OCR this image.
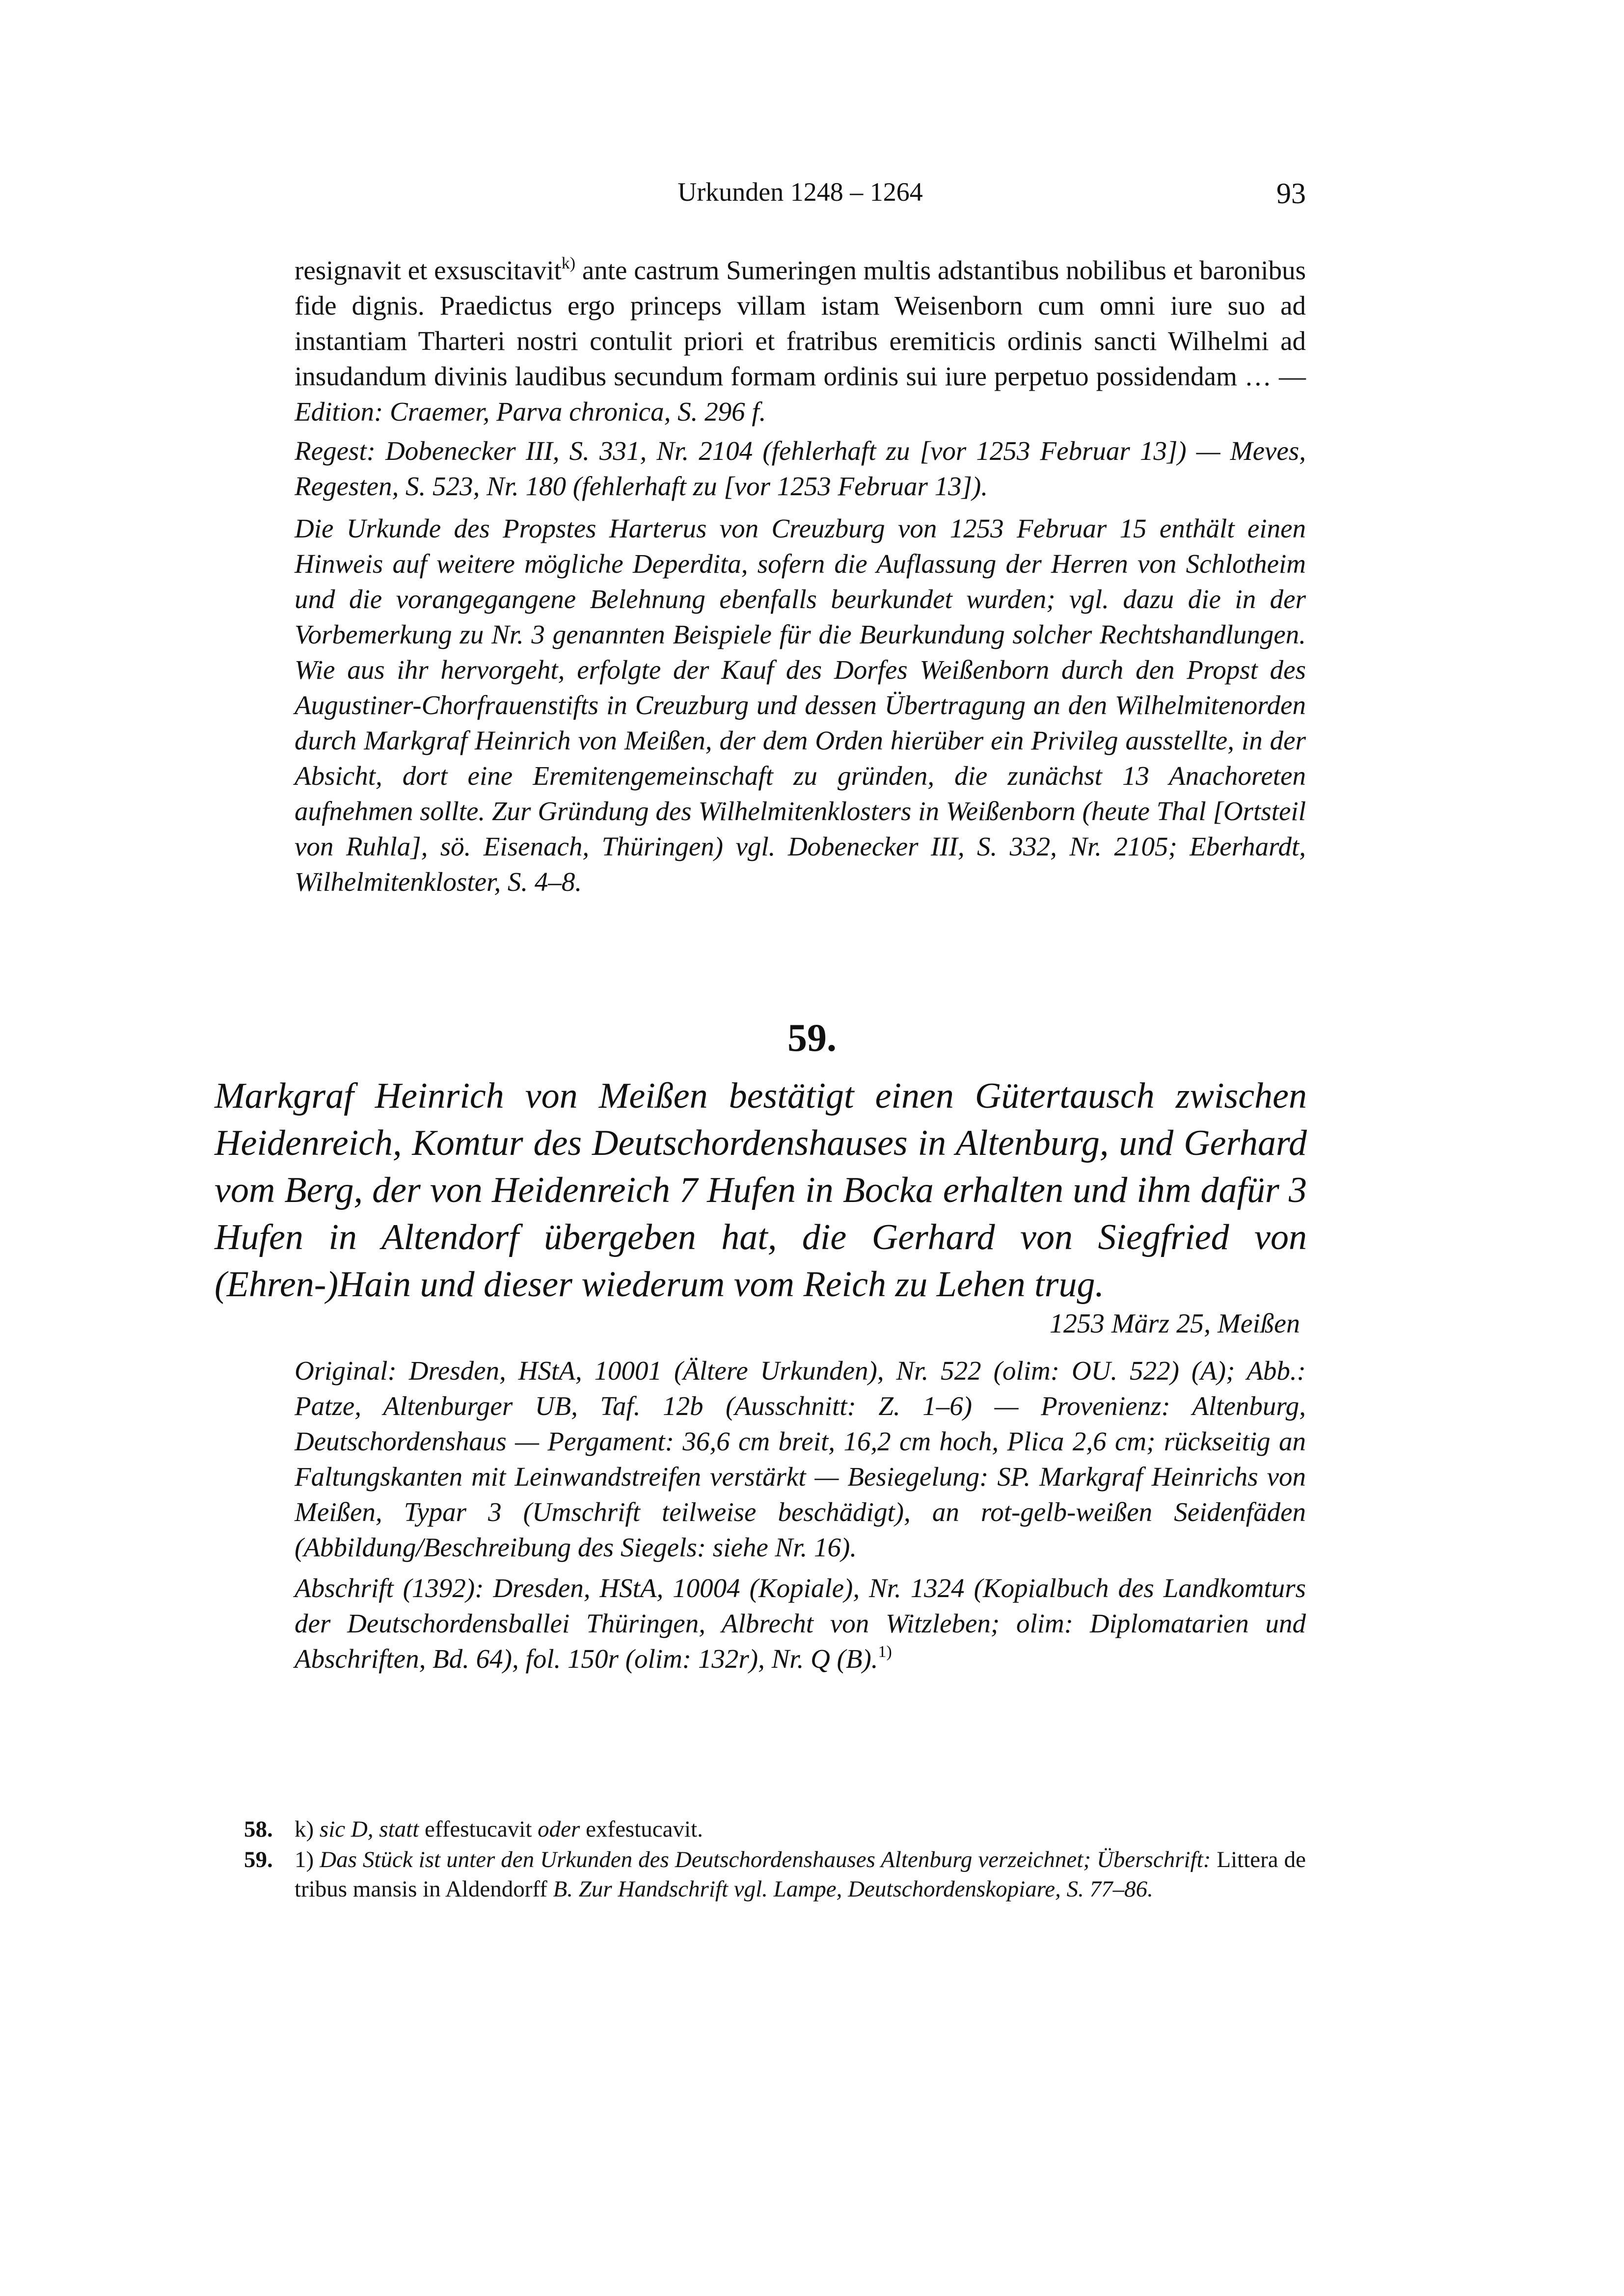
Urkunden 1248 – 1264	93

resignavit et exsuscitavit$^{k)}$ ante castrum Sumeringen multis adstantibus nobilibus et baronibus fide dignis. Praedictus ergo princeps villam istam Weisenborn cum omni iure suo ad instantiam Tharteri nostri contulit priori et fratribus eremiticis ordinis sancti Wilhelmi ad insudandum divinis laudibus secundum formam ordinis sui iure perpetuo possidendam … — Edition: Craemer, Parva chronica, S. 296 f.

Regest: Dobenecker III, S. 331, Nr. 2104 (fehlerhaft zu [vor 1253 Februar 13]) — Meves, Regesten, S. 523, Nr. 180 (fehlerhaft zu [vor 1253 Februar 13]).
Die Urkunde des Propstes Harterus von Creuzburg von 1253 Februar 15 enthält einen Hinweis auf weitere mögliche Deperdita, sofern die Auflassung der Herren von Schlotheim und die vorangegangene Belehnung ebenfalls beurkundet wurden; vgl. dazu die in der Vorbemerkung zu Nr. 3 genannten Beispiele für die Beurkundung solcher Rechtshandlungen. Wie aus ihr hervorgeht, erfolgte der Kauf des Dorfes Weißenborn durch den Propst des Augustiner-Chorfrauenstifts in Creuzburg und dessen Übertragung an den Wilhelmitenorden durch Markgraf Heinrich von Meißen, der dem Orden hierüber ein Privileg ausstellte, in der Absicht, dort eine Eremitengemeinschaft zu gründen, die zunächst 13 Anachoreten aufnehmen sollte. Zur Gründung des Wilhelmitenklosters in Weißenborn (heute Thal [Ortsteil von Ruhla], sö. Eisenach, Thüringen) vgl. Dobenecker III, S. 332, Nr. 2105; Eberhardt, Wilhelmitenkloster, S. 4–8.
59.
Markgraf Heinrich von Meißen bestätigt einen Gütertausch zwischen Heidenreich, Komtur des Deutschordenshauses in Altenburg, und Gerhard vom Berg, der von Heidenreich 7 Hufen in Bocka erhalten und ihm dafür 3 Hufen in Altendorf übergeben hat, die Gerhard von Siegfried von (Ehren-)Hain und dieser wiederum vom Reich zu Lehen trug.
1253 März 25, Meißen
Original: Dresden, HStA, 10001 (Ältere Urkunden), Nr. 522 (olim: OU. 522) (A); Abb.: Patze, Altenburger UB, Taf. 12b (Ausschnitt: Z. 1–6) — Provenienz: Altenburg, Deutschordenshaus — Pergament: 36,6 cm breit, 16,2 cm hoch, Plica 2,6 cm; rückseitig an Faltungskanten mit Leinwandstreifen verstärkt — Besiegelung: SP. Markgraf Heinrichs von Meißen, Typar 3 (Umschrift teilweise beschädigt), an rot-gelb-weißen Seidenfäden (Abbildung/Beschreibung des Siegels: siehe Nr. 16).
Abschrift (1392): Dresden, HStA, 10004 (Kopiale), Nr. 1324 (Kopialbuch des Landkomturs der Deutschordensballei Thüringen, Albrecht von Witzleben; olim: Diplomatarien und Abschriften, Bd. 64), fol. 150r (olim: 132r), Nr. Q (B).$^{1)}$
58. k) sic D, statt effestucavit oder exfestucavit.
59. 1) Das Stück ist unter den Urkunden des Deutschordenshauses Altenburg verzeichnet; Überschrift: Littera de tribus mansis in Aldendorff B. Zur Handschrift vgl. Lampe, Deutschordenskopiare, S. 77–86.
